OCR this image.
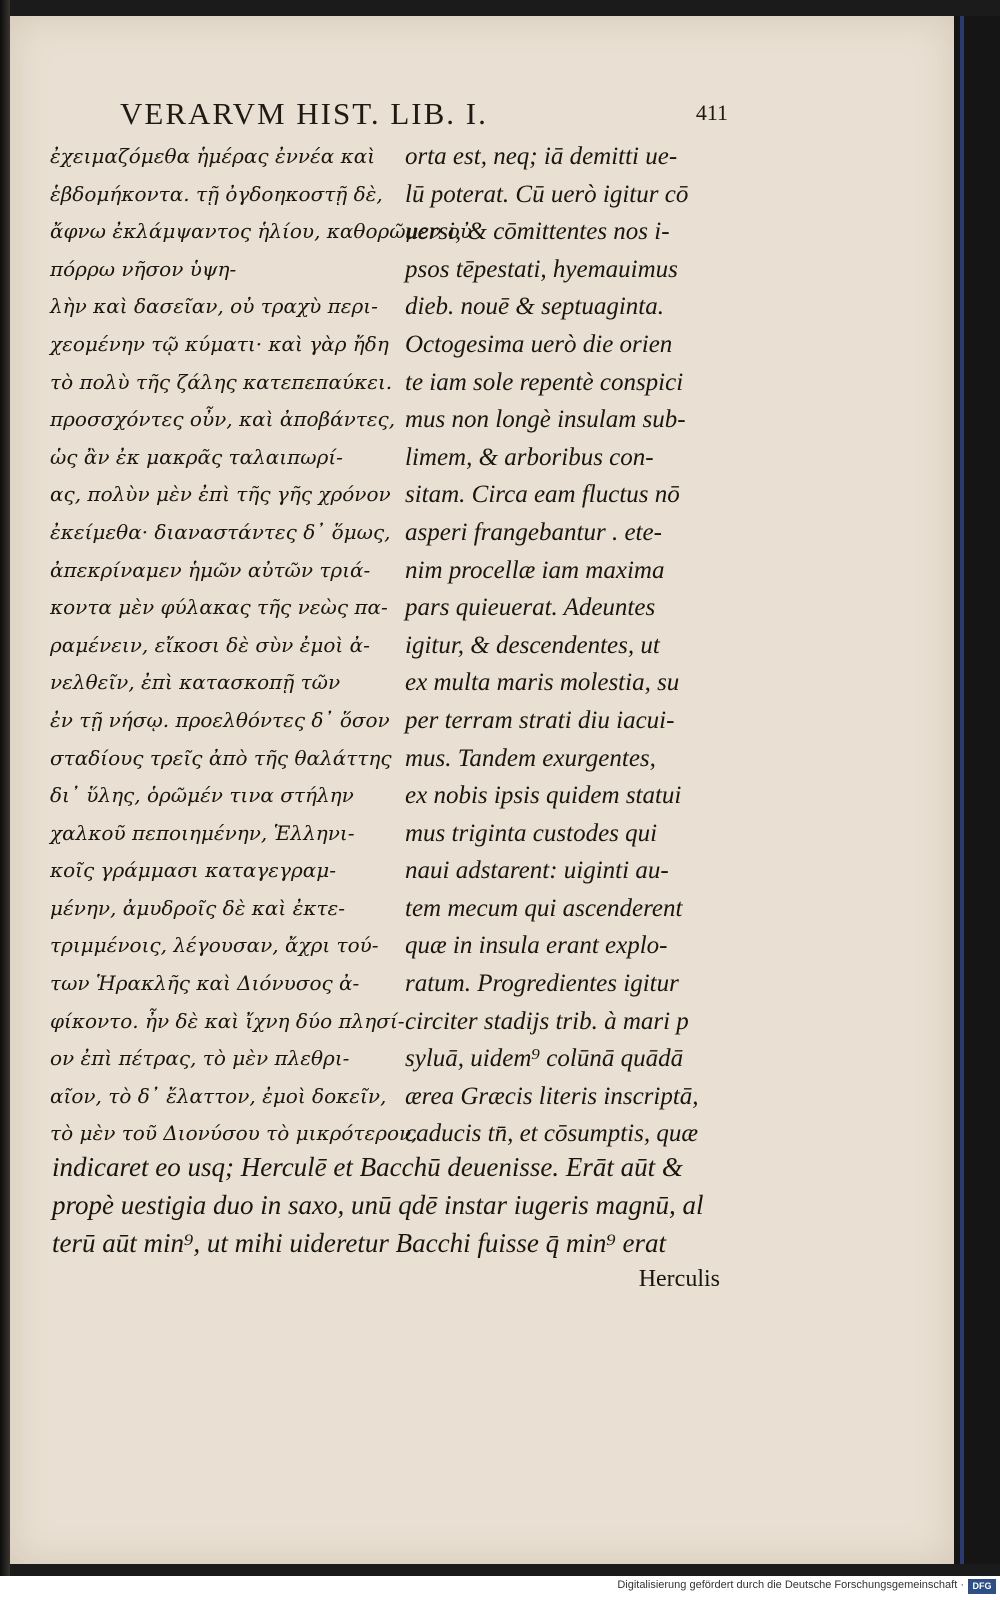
VERARVM HIST. LIB. I.	411
ἐχειμαζόμεθα ἡμέρας ἐννέα καὶ
ἑβδομήκοντα. τῇ ὀγδοηκοστῇ δὲ,
ἄφνω ἐκλάμψαντος ἡλίου, καθορῶμεν οὐ
πόρρω νῆσον ὑψη-
λὴν καὶ δασεῖαν, οὐ τραχὺ περι-
χεομένην τῷ κύματι· καὶ γὰρ ἤδη
τὸ πολὺ τῆς ζάλης κατεπεπαύκει.
προσσχόντες οὖν, καὶ ἀποβάντες,
ὡς ἂν ἐκ μακρᾶς ταλαιπωρί-
ας, πολὺν μὲν ἐπὶ τῆς γῆς χρόνον
ἐκείμεθα· διαναστάντες δ᾽ ὅμως,
ἀπεκρίναμεν ἡμῶν αὐτῶν τριά-
κοντα μὲν φύλακας τῆς νεὼς πα-
ραμένειν, εἴκοσι δὲ σὺν ἐμοὶ ἀ-
νελθεῖν, ἐπὶ κατασκοπῇ τῶν
ἐν τῇ νήσῳ. προελθόντες δ᾽ ὅσον
σταδίους τρεῖς ἀπὸ τῆς θαλάττης
δι᾽ ὕλης, ὁρῶμέν τινα στήλην
χαλκοῦ πεποιημένην, Ἑλληνι-
κοῖς γράμμασι καταγεγραμ-
μένην, ἀμυδροῖς δὲ καὶ ἐκτε-
τριμμένοις, λέγουσαν, ἄχρι τού-
των Ἡρακλῆς καὶ Διόνυσος ἀ-
φίκοντο. ἦν δὲ καὶ ἴχνη δύο πλησί-
ον ἐπὶ πέτρας, τὸ μὲν πλεθρι-
αῖον, τὸ δ᾽ ἔλαττον, ἐμοὶ δοκεῖν,
τὸ μὲν τοῦ Διονύσου τὸ μικρότερον,
orta est, neq; iā demitti ue-
lū poterat. Cū uerò igitur cō
uersi, & cōmittentes nos i-
psos tēpestati, hyemauimus
dieb. nouē & septuaginta.
Octogesima uerò die orien
te iam sole repentè conspici
mus non longè insulam sub-
limem, & arboribus con-
sitam. Circa eam fluctus nō
asperi frangebantur . ete-
nim procellæ iam maxima
pars quieuerat. Adeuntes
igitur, & descendentes, ut
ex multa maris molestia, su
per terram strati diu iacui-
mus. Tandem exurgentes,
ex nobis ipsis quidem statui
mus triginta custodes qui
naui adstarent: uiginti au-
tem mecum qui ascenderent
quæ in insula erant explo-
ratum. Progredientes igitur
circiter stadijs trib. à mari p
syluā, uidem⁹ colūnā quādā
ærea Græcis literis inscriptā,
caducis tn̄, et cōsumptis, quæ
indicaret eo usq; Herculē et Bacchū deuenisse. Erāt aūt &
propè uestigia duo in saxo, unū qdē instar iugeris magnū, al
terū aūt min⁹, ut mihi uideretur Bacchi fuisse q̄ min⁹ erat
Herculis
Digitalisierung gefördert durch die Deutsche Forschungsgemeinschaft · DFG
